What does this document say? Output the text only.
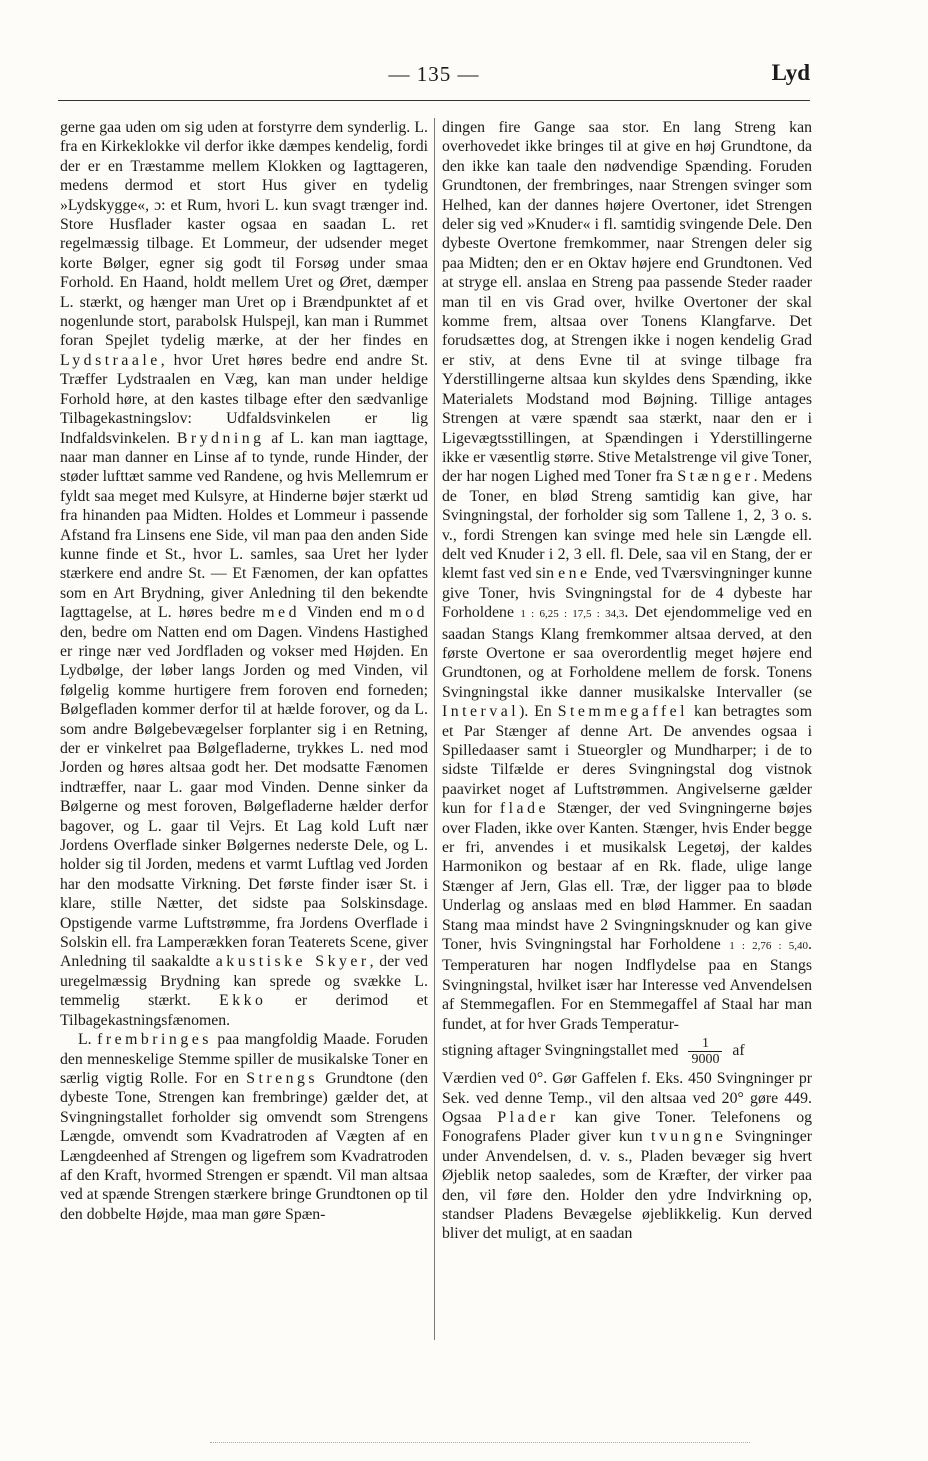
— 135 —	Lyd

gerne gaa uden om sig uden at forstyrre dem synderlig. L. fra en Kirkeklokke vil derfor ikke dæmpes kendelig, fordi der er en Træstamme mellem Klokken og Iagttageren, medens dermod et stort Hus giver en tydelig »Lydskygge«, ɔ: et Rum, hvori L. kun svagt trænger ind. Store Husflader kaster ogsaa en saadan L. ret regelmæssig tilbage. Et Lommeur, der udsender meget korte Bølger, egner sig godt til Forsøg under smaa Forhold. En Haand, holdt mellem Uret og Øret, dæmper L. stærkt, og hænger man Uret op i Brændpunktet af et nogenlunde stort, parabolsk Hulspejl, kan man i Rummet foran Spejlet tydelig mærke, at der her findes en Lydstraale, hvor Uret høres bedre end andre St. Træffer Lydstraalen en Væg, kan man under heldige Forhold høre, at den kastes tilbage efter den sædvanlige Tilbagekastningslov: Udfaldsvinkelen er lig Indfaldsvinkelen. Brydning af L. kan man iagttage, naar man danner en Linse af to tynde, runde Hinder, der støder lufttæt samme ved Randene, og hvis Mellemrum er fyldt saa meget med Kulsyre, at Hinderne bøjer stærkt ud fra hinanden paa Midten. Holdes et Lommeur i passende Afstand fra Linsens ene Side, vil man paa den anden Side kunne finde et St., hvor L. samles, saa Uret her lyder stærkere end andre St. — Et Fænomen, der kan opfattes som en Art Brydning, giver Anledning til den bekendte Iagttagelse, at L. høres bedre med Vinden end mod den, bedre om Natten end om Dagen. Vindens Hastighed er ringe nær ved Jordfladen og vokser med Højden. En Lydbølge, der løber langs Jorden og med Vinden, vil følgelig komme hurtigere frem foroven end forneden; Bølgefladen kommer derfor til at hælde forover, og da L. som andre Bølgebevægelser forplanter sig i en Retning, der er vinkelret paa Bølgefladerne, trykkes L. ned mod Jorden og høres altsaa godt her. Det modsatte Fænomen indtræffer, naar L. gaar mod Vinden. Denne sinker da Bølgerne og mest foroven, Bølgefladerne hælder derfor bagover, og L. gaar til Vejrs. Et Lag kold Luft nær Jordens Overflade sinker Bølgernes nederste Dele, og L. holder sig til Jorden, medens et varmt Luftlag ved Jorden har den modsatte Virkning. Det første finder især St. i klare, stille Nætter, det sidste paa Solskinsdage. Opstigende varme Luftstrømme, fra Jordens Overflade i Solskin ell. fra Lamperækken foran Teaterets Scene, giver Anledning til saakaldte akustiske Skyer, der ved uregelmæssig Brydning kan sprede og svække L. temmelig stærkt. Ekko er derimod et Tilbagekastningsfænomen.

L. frembringes paa mangfoldig Maade. Foruden den menneskelige Stemme spiller de musikalske Toner en særlig vigtig Rolle. For en Strengs Grundtone (den dybeste Tone, Strengen kan frembringe) gælder det, at Svingningstallet forholder sig omvendt som Strengens Længde, omvendt som Kvadratroden af Vægten af en Længdeenhed af Strengen og ligefrem som Kvadratroden af den Kraft, hvormed Strengen er spændt. Vil man altsaa ved at spænde Strengen stærkere bringe Grundtonen op til den dobbelte Højde, maa man gøre Spæn-

dingen fire Gange saa stor. En lang Streng kan overhovedet ikke bringes til at give en høj Grundtone, da den ikke kan taale den nødvendige Spænding. Foruden Grundtonen, der frembringes, naar Strengen svinger som Helhed, kan der dannes højere Overtoner, idet Strengen deler sig ved »Knuder« i fl. samtidig svingende Dele. Den dybeste Overtone fremkommer, naar Strengen deler sig paa Midten; den er en Oktav højere end Grundtonen. Ved at stryge ell. anslaa en Streng paa passende Steder raader man til en vis Grad over, hvilke Overtoner der skal komme frem, altsaa over Tonens Klangfarve. Det forudsættes dog, at Strengen ikke i nogen kendelig Grad er stiv, at dens Evne til at svinge tilbage fra Yderstillingerne altsaa kun skyldes dens Spænding, ikke Materialets Modstand mod Bøjning. Tillige antages Strengen at være spændt saa stærkt, naar den er i Ligevægtsstillingen, at Spændingen i Yderstillingerne ikke er væsentlig større. Stive Metalstrenge vil give Toner, der har nogen Lighed med Toner fra Stænger. Medens de Toner, en blød Streng samtidig kan give, har Svingningstal, der forholder sig som Tallene 1, 2, 3 o. s. v., fordi Strengen kan svinge med hele sin Længde ell. delt ved Knuder i 2, 3 ell. fl. Dele, saa vil en Stang, der er klemt fast ved sin ene Ende, ved Tværsvingninger kunne give Toner, hvis Svingningstal for de 4 dybeste har Forholdene 1 : 6,25 : 17,5 : 34,3. Det ejendommelige ved en saadan Stangs Klang fremkommer altsaa derved, at den første Overtone er saa overordentlig meget højere end Grundtonen, og at Forholdene mellem de forsk. Tonens Svingningstal ikke danner musikalske Intervaller (se Interval). En Stemmegaffel kan betragtes som et Par Stænger af denne Art. De anvendes ogsaa i Spilledaaser samt i Stueorgler og Mundharper; i de to sidste Tilfælde er deres Svingningstal dog vistnok paavirket noget af Luftstrømmen. Angivelserne gælder kun for flade Stænger, der ved Svingningerne bøjes over Fladen, ikke over Kanten. Stænger, hvis Ender begge er fri, anvendes i et musikalsk Legetøj, der kaldes Harmonikon og bestaar af en Rk. flade, ulige lange Stænger af Jern, Glas ell. Træ, der ligger paa to bløde Underlag og anslaas med en blød Hammer. En saadan Stang maa mindst have 2 Svingningsknuder og kan give Toner, hvis Svingningstal har Forholdene 1 : 2,76 : 5,40. Temperaturen har nogen Indflydelse paa en Stangs Svingningstal, hvilket især har Interesse ved Anvendelsen af Stemmegaflen. For en Stemmegaffel af Staal har man fundet, at for hver Grads Temperatur-
stigning aftager Svingningstallet med $\frac{1}{9000}$ af
Værdien ved 0°. Gør Gaffelen f. Eks. 450 Svingninger pr Sek. ved denne Temp., vil den altsaa ved 20° gøre 449. Ogsaa Plader kan give Toner. Telefonens og Fonografens Plader giver kun tvungne Svingninger under Anvendelsen, d. v. s., Pladen bevæger sig hvert Øjeblik netop saaledes, som de Kræfter, der virker paa den, vil føre den. Holder den ydre Indvirkning op, standser Pladens Bevægelse øjeblikkelig. Kun derved bliver det muligt, at en saadan
